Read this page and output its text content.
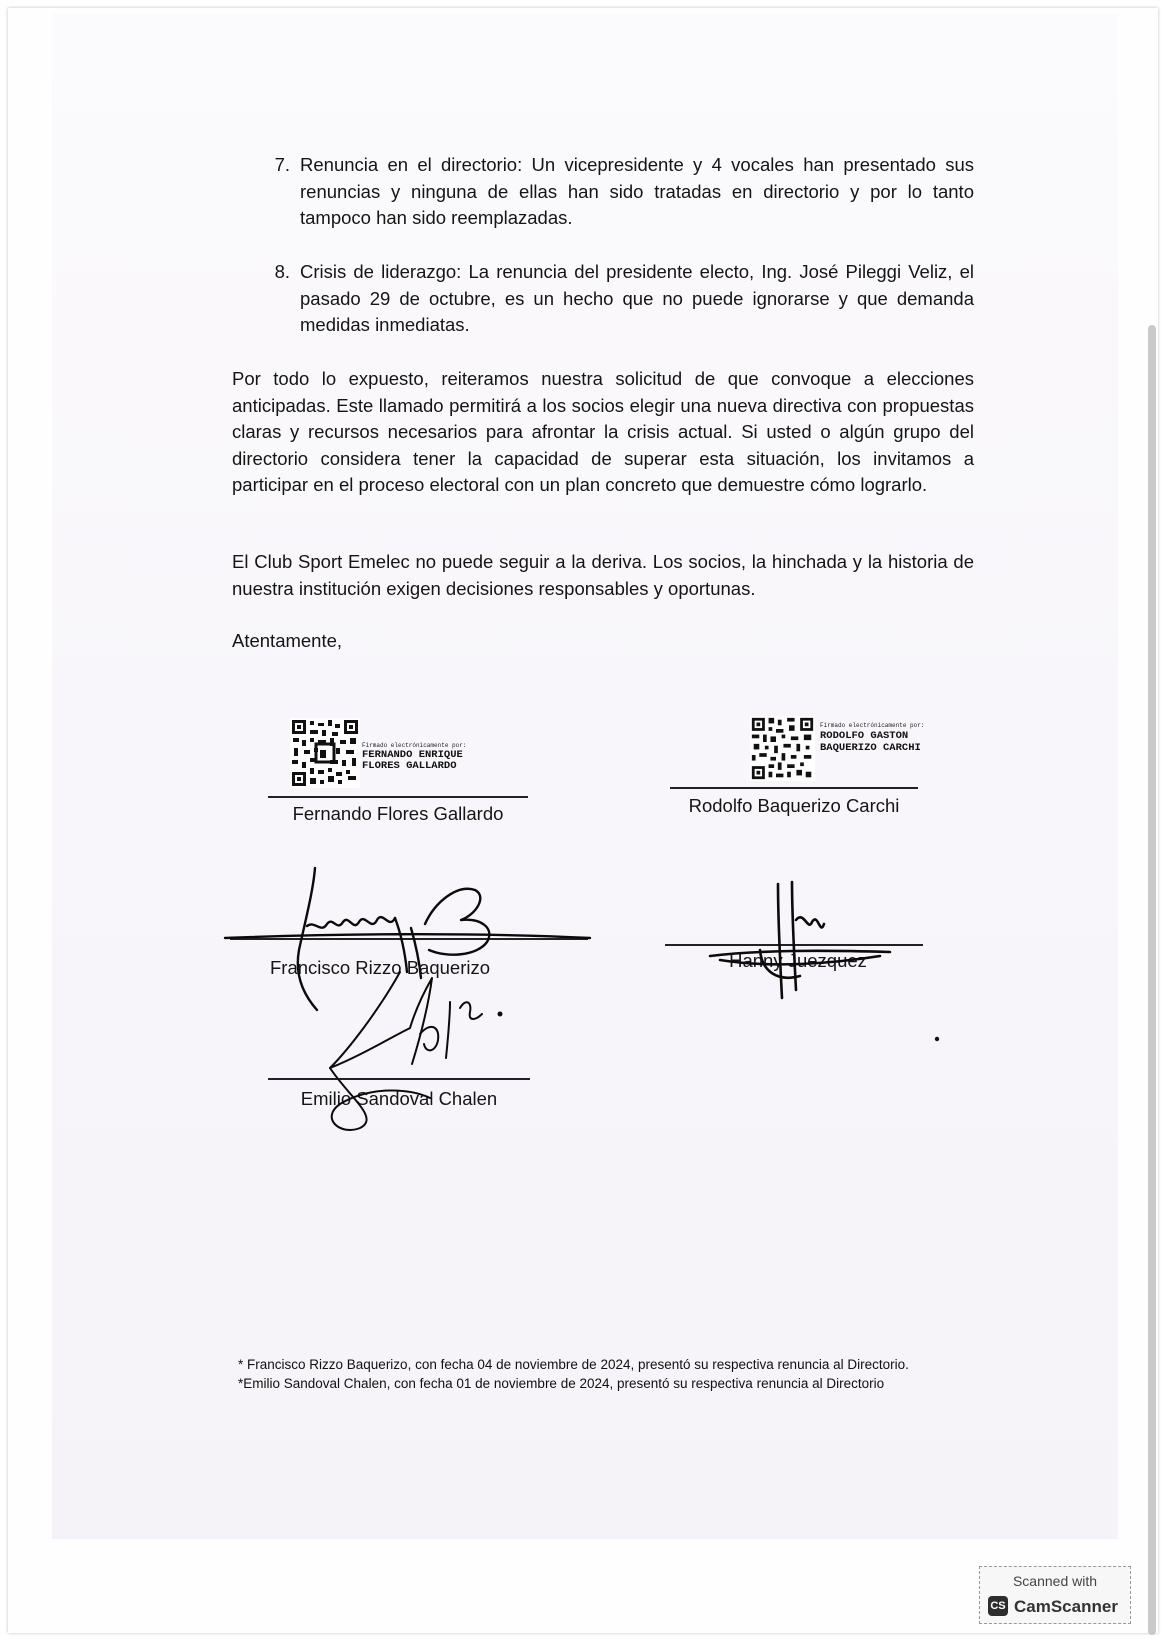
7. Renuncia en el directorio: Un vicepresidente y 4 vocales han presentado sus renuncias y ninguna de ellas han sido tratadas en directorio y por lo tanto tampoco han sido reemplazadas.
8. Crisis de liderazgo: La renuncia del presidente electo, Ing. José Pileggi Veliz, el pasado 29 de octubre, es un hecho que no puede ignorarse y que demanda medidas inmediatas.
Por todo lo expuesto, reiteramos nuestra solicitud de que convoque a elecciones anticipadas. Este llamado permitirá a los socios elegir una nueva directiva con propuestas claras y recursos necesarios para afrontar la crisis actual. Si usted o algún grupo del directorio considera tener la capacidad de superar esta situación, los invitamos a participar en el proceso electoral con un plan concreto que demuestre cómo lograrlo.
El Club Sport Emelec no puede seguir a la deriva. Los socios, la hinchada y la historia de nuestra institución exigen decisiones responsables y oportunas.
Atentamente,
Firmado electrónicamente por:
FERNANDO ENRIQUE
FLORES GALLARDO
Fernando Flores Gallardo
Firmado electrónicamente por:
RODOLFO GASTON
BAQUERIZO CARCHI
Rodolfo Baquerizo Carchi
Francisco Rizzo Baquerizo	Hanny Juezquez
Emilio Sandoval Chalen
* Francisco Rizzo Baquerizo, con fecha 04 de noviembre de 2024, presentó su respectiva renuncia al Directorio.
*Emilio Sandoval Chalen, con fecha 01 de noviembre de 2024, presentó su respectiva renuncia al Directorio
Scanned with
CS CamScanner
